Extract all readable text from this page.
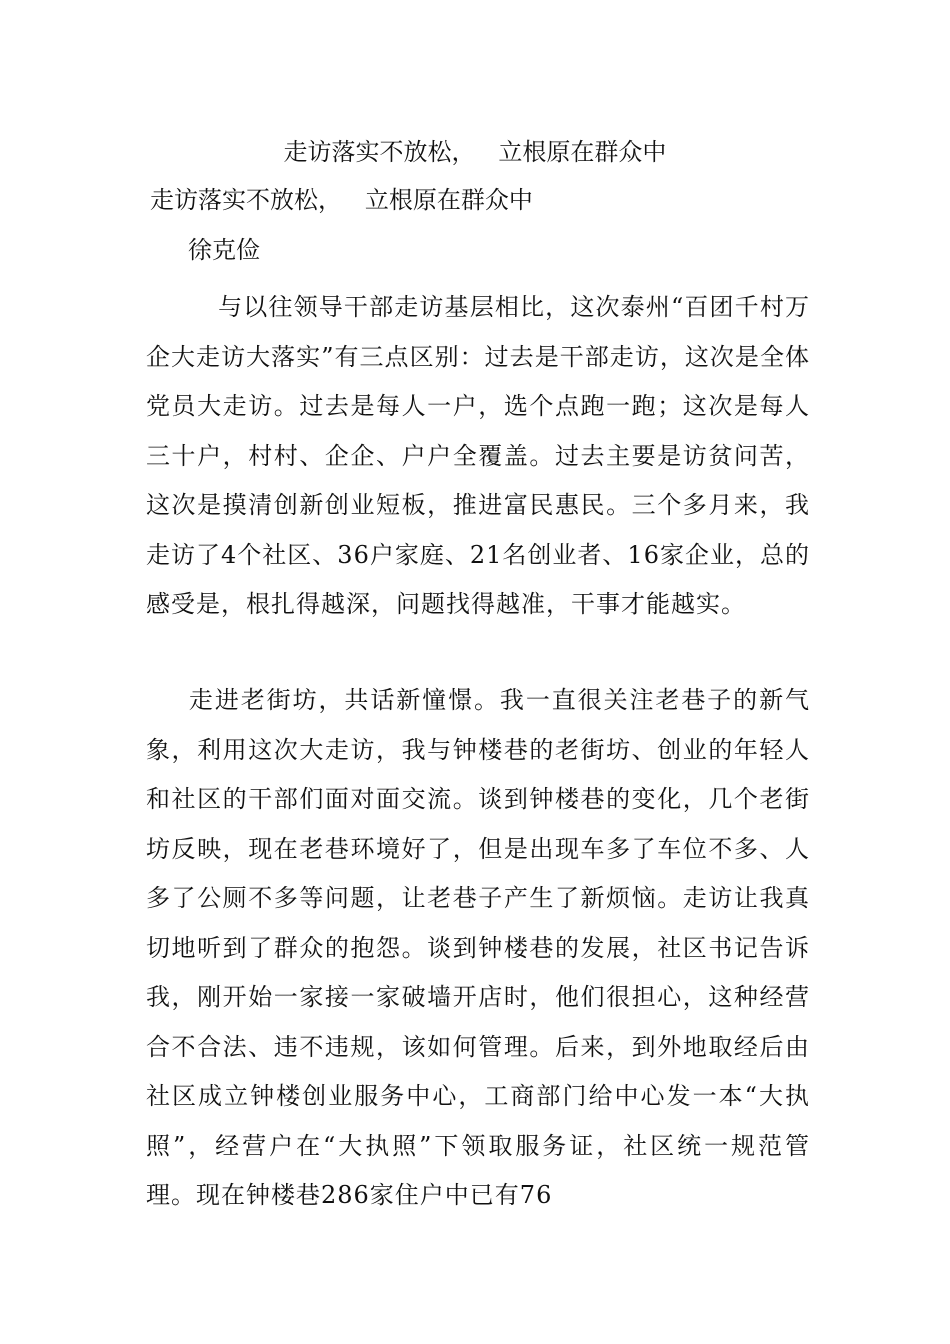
走访落实不放松，   立根原在群众中
走访落实不放松，   立根原在群众中
徐克俭
与以往领导干部走访基层相比，这次泰州“百团千村万企大走访大落实”有三点区别：过去是干部走访，这次是全体党员大走访。过去是每人一户，选个点跑一跑；这次是每人三十户，村村、企企、户户全覆盖。过去主要是访贫问苦，这次是摸清创新创业短板，推进富民惠民。三个多月来，我走访了4个社区、36户家庭、21名创业者、16家企业，总的感受是，根扎得越深，问题找得越准，干事才能越实。
走进老街坊，共话新憧憬。我一直很关注老巷子的新气象，利用这次大走访，我与钟楼巷的老街坊、创业的年轻人和社区的干部们面对面交流。谈到钟楼巷的变化，几个老街坊反映，现在老巷环境好了，但是出现车多了车位不多、人多了公厕不多等问题，让老巷子产生了新烦恼。走访让我真切地听到了群众的抱怨。谈到钟楼巷的发展，社区书记告诉我，刚开始一家接一家破墙开店时，他们很担心，这种经营合不合法、违不违规，该如何管理。后来，到外地取经后由社区成立钟楼创业服务中心，工商部门给中心发一本“大执照”，经营户在“大执照”下领取服务证，社区统一规范管理。现在钟楼巷286家住户中已有76
